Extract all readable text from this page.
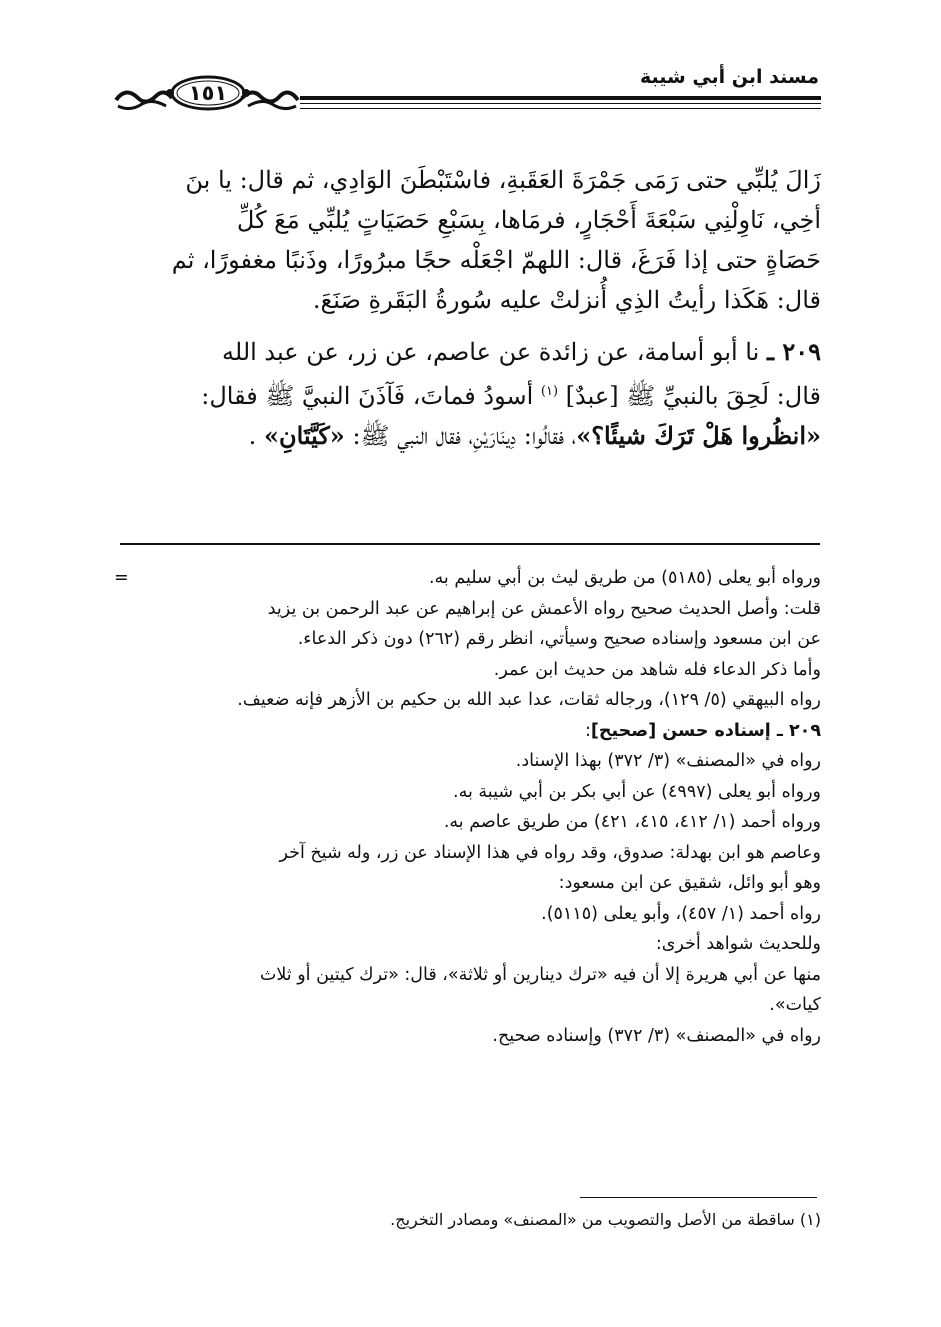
مسند ابن أبي شيبة
١٥١

زَالَ يُلبِّي حتى رَمَى جَمْرَةَ العَقَبةِ، فاسْتَبْطَنَ الوَادِي، ثم قال: يا بنَ

أخِي، نَاوِلْنِي سَبْعَةَ أَحْجَارٍ، فرمَاها، بِسَبْعِ حَصَيَاتٍ يُلبِّي مَعَ كُلِّ

حَصَاةٍ حتى إذا فَرَغَ، قال: اللهمّ اجْعَلْه حجًا مبرُورًا، وذَنبًا مغفورًا، ثم

قال: هَكَذا رأيتُ الذِي أُنزلتْ عليه سُورةُ البَقَرةِ صَنَعَ.

٢٠٩ ـ نا أبو أسامة، عن زائدة عن عاصم، عن زر، عن عبد الله

قال: لَحِقَ بالنبيِّ ﷺ [عبدٌ] $^{(١)}$ أسودُ فماتَ، فَآذَنَ النبيَّ ﷺ فقال:

«انظُروا هَلْ تَرَكَ شيئًا؟»، فقالُوا: دِينَارَيْنِ، فقال النبي ﷺ: «كَيَّتَانِ» .

=	ورواه أبو يعلى (٥١٨٥) من طريق ليث بن أبي سليم به.

قلت: وأصل الحديث صحيح رواه الأعمش عن إبراهيم عن عبد الرحمن بن يزيد

عن ابن مسعود وإسناده صحيح وسيأتي، انظر رقم (٢٦٢) دون ذكر الدعاء.

وأما ذكر الدعاء فله شاهد من حديث ابن عمر.

رواه البيهقي (٥/ ١٢٩)، ورجاله ثقات، عدا عبد الله بن حكيم بن الأزهر فإنه ضعيف.

٢٠٩ ـ إسناده حسن [صحيح]:

رواه في «المصنف» (٣/ ٣٧٢) بهذا الإسناد.

ورواه أبو يعلى (٤٩٩٧) عن أبي بكر بن أبي شيبة به.

ورواه أحمد (١/ ٤١٢، ٤١٥، ٤٢١) من طريق عاصم به.

وعاصم هو ابن بهدلة: صدوق، وقد رواه في هذا الإسناد عن زر، وله شيخ آخر

وهو أبو وائل، شقيق عن ابن مسعود:

رواه أحمد (١/ ٤٥٧)، وأبو يعلى (٥١١٥).

وللحديث شواهد أخرى:

منها عن أبي هريرة إلا أن فيه «ترك دينارين أو ثلاثة»، قال: «ترك كيتين أو ثلاث

كيات».

رواه في «المصنف» (٣/ ٣٧٢) وإسناده صحيح.

(١) ساقطة من الأصل والتصويب من «المصنف» ومصادر التخريج.
